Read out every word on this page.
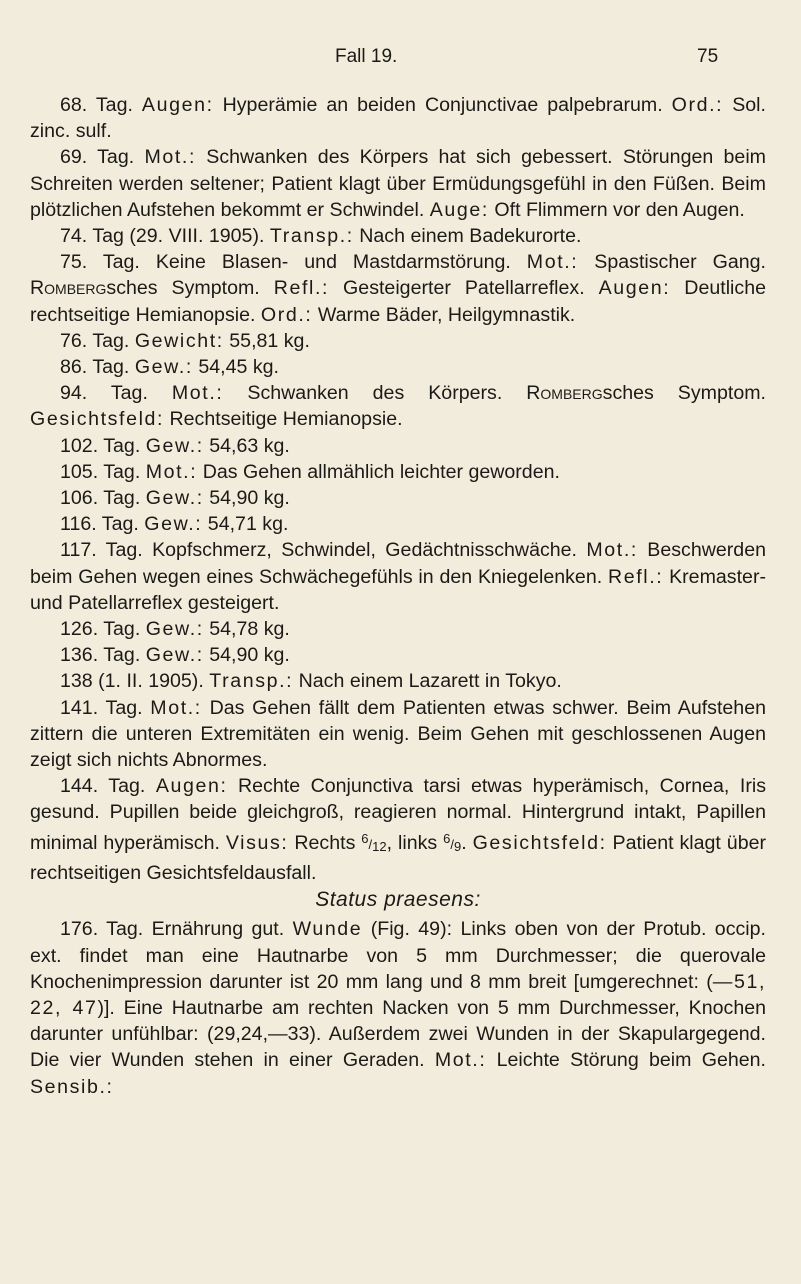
Fall 19.	75

68. Tag. Augen: Hyperämie an beiden Conjunctivae palpebrarum. Ord.: Sol. zinc. sulf.

69. Tag. Mot.: Schwanken des Körpers hat sich gebessert. Störungen beim Schreiten werden seltener; Patient klagt über Ermüdungsgefühl in den Füßen. Beim plötzlichen Aufstehen bekommt er Schwindel. Auge: Oft Flimmern vor den Augen.

74. Tag (29. VIII. 1905). Transp.: Nach einem Badekurorte.

75. Tag. Keine Blasen- und Mastdarmstörung. Mot.: Spastischer Gang. Rombergsches Symptom. Refl.: Gesteigerter Patellarreflex. Augen: Deutliche rechtseitige Hemianopsie. Ord.: Warme Bäder, Heilgymnastik.

76. Tag. Gewicht: 55,81 kg.

86. Tag. Gew.: 54,45 kg.

94. Tag. Mot.: Schwanken des Körpers. Rombergsches Symptom. Gesichtsfeld: Rechtseitige Hemianopsie.

102. Tag. Gew.: 54,63 kg.

105. Tag. Mot.: Das Gehen allmählich leichter geworden.

106. Tag. Gew.: 54,90 kg.

116. Tag. Gew.: 54,71 kg.

117. Tag. Kopfschmerz, Schwindel, Gedächtnisschwäche. Mot.: Beschwerden beim Gehen wegen eines Schwächegefühls in den Kniegelenken. Refl.: Kremaster- und Patellarreflex gesteigert.

126. Tag. Gew.: 54,78 kg.

136. Tag. Gew.: 54,90 kg.

138 (1. II. 1905). Transp.: Nach einem Lazarett in Tokyo.

141. Tag. Mot.: Das Gehen fällt dem Patienten etwas schwer. Beim Aufstehen zittern die unteren Extremitäten ein wenig. Beim Gehen mit geschlossenen Augen zeigt sich nichts Abnormes.

144. Tag. Augen: Rechte Conjunctiva tarsi etwas hyperämisch, Cornea, Iris gesund. Pupillen beide gleichgroß, reagieren normal. Hintergrund intakt, Papillen minimal hyperämisch. Visus: Rechts $^6/_{12}$, links $^6/_9$. Gesichtsfeld: Patient klagt über rechtseitigen Gesichtsfeldausfall.

Status praesens:

176. Tag. Ernährung gut. Wunde (Fig. 49): Links oben von der Protub. occip. ext. findet man eine Hautnarbe von 5 mm Durchmesser; die querovale Knochenimpression darunter ist 20 mm lang und 8 mm breit [umgerechnet: (—51, 22, 47)]. Eine Hautnarbe am rechten Nacken von 5 mm Durchmesser, Knochen darunter unfühlbar: (29,24,—33). Außerdem zwei Wunden in der Skapulargegend. Die vier Wunden stehen in einer Geraden. Mot.: Leichte Störung beim Gehen. Sensib.:
